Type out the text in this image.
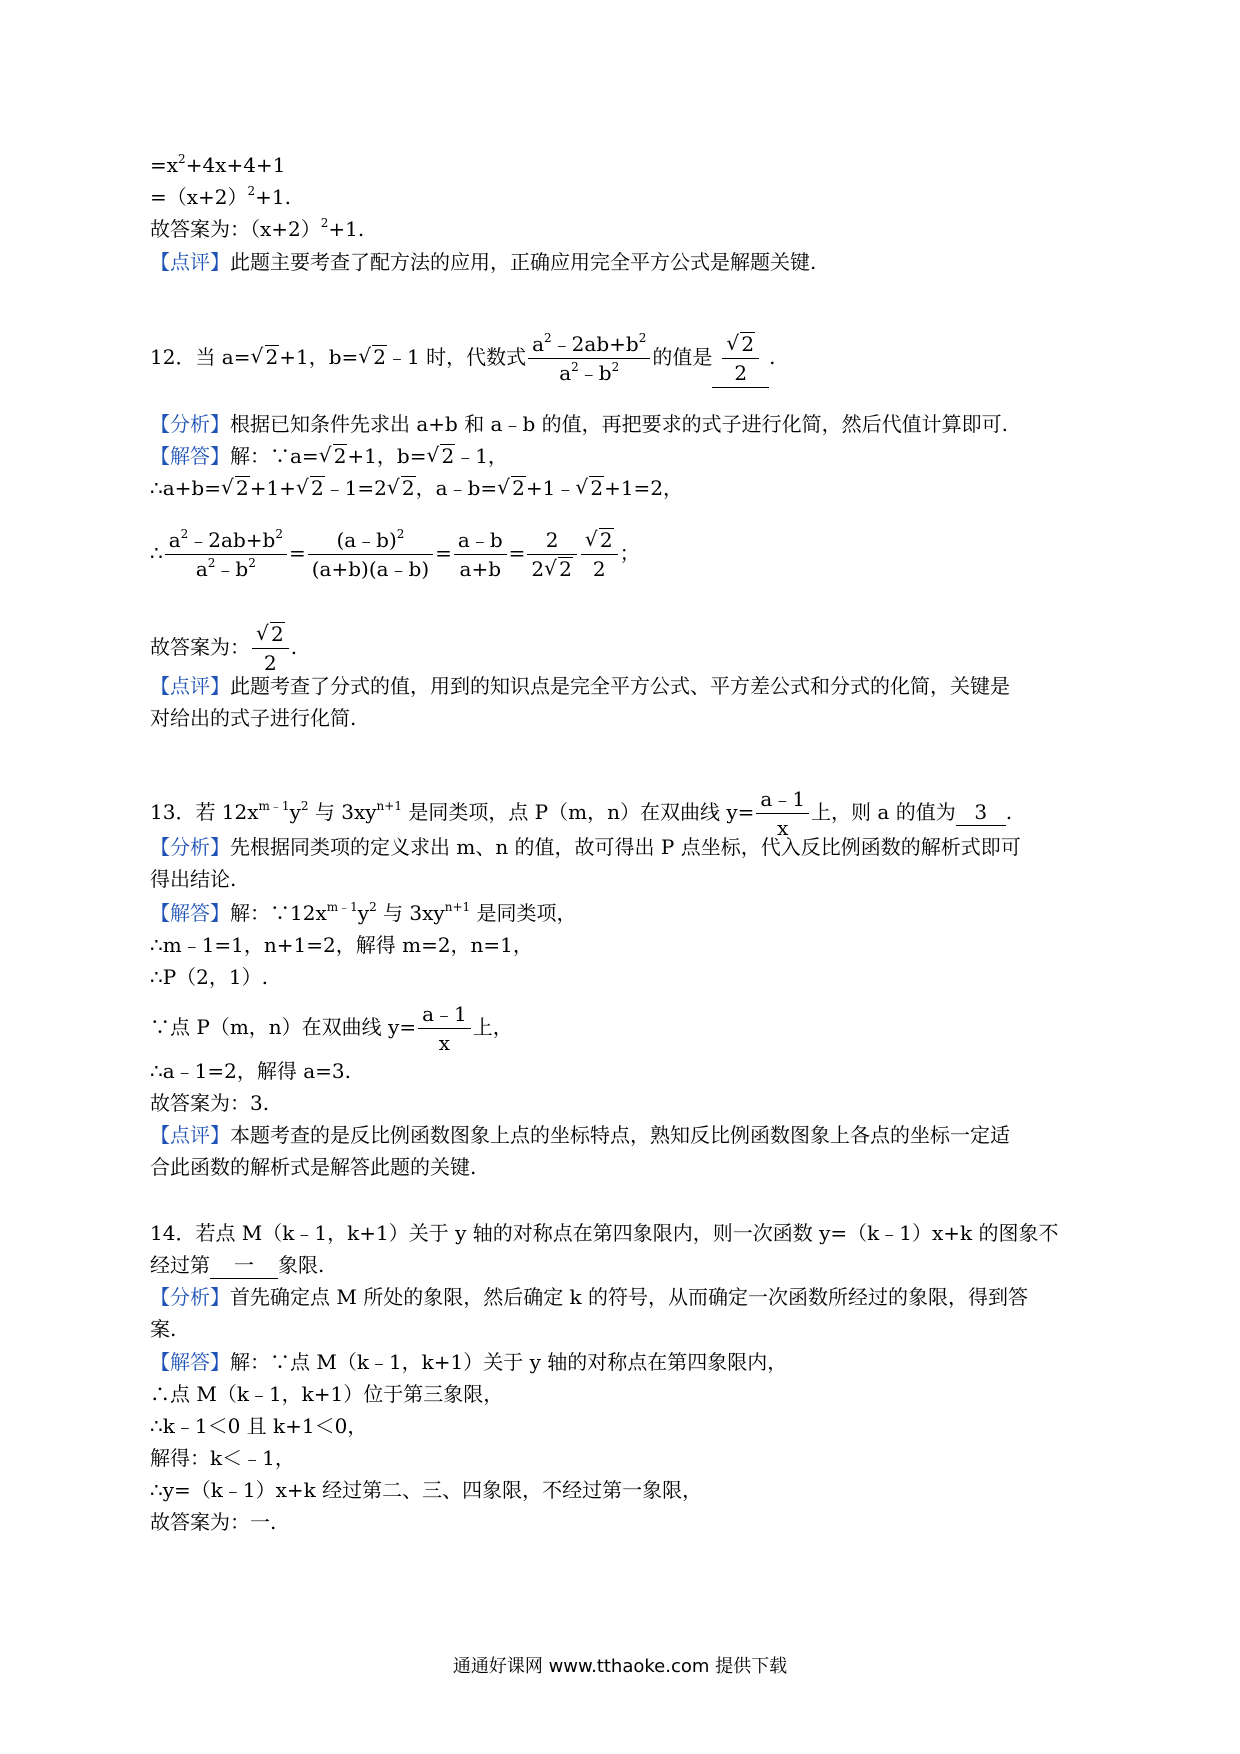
$=x^2+4x+4+1$
$=(x+2)^2+1$.
故答案为：$(x+2)^2+1$.
【点评】此题主要考查了配方法的应用，正确应用完全平方公式是解题关键.
12．当 a= √ 2+1，b= √ 2﹣1 时，代数式 $\frac{a^2﹣2ab+b^2}{a^2﹣b^2}$ 的值是 √ $\frac{2}{2}$ .
【分析】根据已知条件先求出 a+b 和 a﹣b 的值，再把要求的式子进行化简，然后代值计算即可.
【解答】解：∵a= √ 2+1，b= √ 2﹣1，
∴a+b= √ 2+1+ √ 2﹣1=2 √ 2，a﹣b= √ 2+1﹣ √ 2+1=2，
∴ $\frac{a^2﹣2ab+b^2}{a^2﹣b^2} = \frac{(a﹣b)^2}{(a+b)(a﹣b)} = \frac{a﹣b}{a+b} = \frac{2}{2 √ 2}$ √ $\frac{2}{2}$ ；
故答案为： √ $\frac{2}{2}$ .
【点评】此题考查了分式的值，用到的知识点是完全平方公式、平方差公式和分式的化简，关键是
对给出的式子进行化简.
13．若 $12x^{m﹣1}y^2$ 与 $3xy^{n+1}$ 是同类项，点 P（m，n）在双曲线 $y= \frac{a﹣1}{x}$ 上，则 a 的值为 3 .
【分析】先根据同类项的定义求出 m、n 的值，故可得出 P 点坐标，代入反比例函数的解析式即可
得出结论.
【解答】解：$\because 12x^{m﹣1}y^2$ 与 $3xy^{n+1}$ 是同类项，
∴m﹣1=1，n+1=2，解得 m=2，n=1，
∴P（2，1）.
∵点 P（m，n）在双曲线 $y= \frac{a﹣1}{x}$ 上，
∴a﹣1=2，解得 a=3.
故答案为：3.
【点评】本题考查的是反比例函数图象上点的坐标特点，熟知反比例函数图象上各点的坐标一定适
合此函数的解析式是解答此题的关键.
14．若点 M（k﹣1，k+1）关于 y 轴的对称点在第四象限内，则一次函数 y=（k﹣1）x+k 的图象不
经过第 一 象限.
【分析】首先确定点 M 所处的象限，然后确定 k 的符号，从而确定一次函数所经过的象限，得到答
案.
【解答】解：∵点 M（k﹣1，k+1）关于 y 轴的对称点在第四象限内，
∴点 M（k﹣1，k+1）位于第三象限，
∴k﹣1＜0 且 k+1＜0，
解得：k＜﹣1，
∴y=（k﹣1）x+k 经过第二、三、四象限，不经过第一象限，
故答案为：一.
通通好课网 www.tthaoke.com 提供下载
